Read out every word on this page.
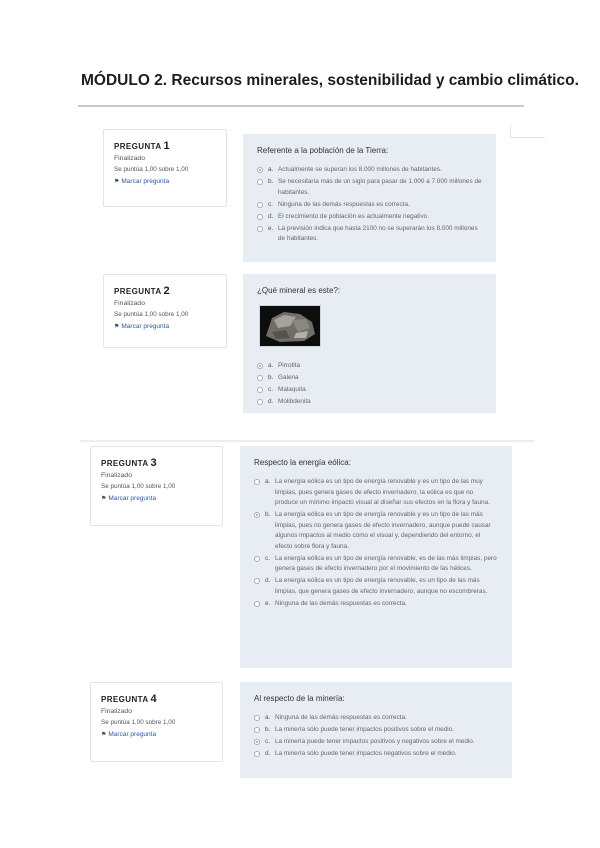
MÓDULO 2. Recursos minerales, sostenibilidad y cambio climático.
PREGUNTA 1
Finalizado
Se puntúa 1,00 sobre 1,00
⚑ Marcar pregunta
Referente a la población de la Tierra:
a. Actualmente se superan los 8.000 millones de habitantes.
b. Se necesitaría más de un siglo para pasar de 1.000 a 7.000 millones de habitantes.
c. Ninguna de las demás respuestas es correcta.
d. El crecimiento de población es actualmente negativo.
e. La previsión indica que hasta 2100 no se superarán los 8.000 millones de habitantes.
PREGUNTA 2
Finalizado
Se puntúa 1,00 sobre 1,00
⚑ Marcar pregunta
¿Qué mineral es este?:
a. Pirrotita
b. Galena
c. Malaquita
d. Molibdenita
PREGUNTA 3
Finalizado
Se puntúa 1,00 sobre 1,00
⚑ Marcar pregunta
Respecto la energía eólica:
a. La energía eólica es un tipo de energía renovable y es un tipo de las muy limpias, pues genera gases de efecto invernadero, la eólica es que no produce un mínimo impacto visual al diseñar sus efectos en la flora y fauna.
b. La energía eólica es un tipo de energía renovable y es un tipo de las más limpias, pues no genera gases de efecto invernadero, aunque puede causar algunos impactos al medio como el visual y, dependiendo del entorno, el efecto sobre flora y fauna.
c. La energía eólica es un tipo de energía renovable, es de las más limpias, pero genera gases de efecto invernadero por el movimiento de las hélices.
d. La energía eólica es un tipo de energía renovable, es un tipo de las más limpias, que genera gases de efecto invernadero, aunque no escombreras.
e. Ninguna de las demás respuestas es correcta.
PREGUNTA 4
Finalizado
Se puntúa 1,00 sobre 1,00
⚑ Marcar pregunta
Al respecto de la minería:
a. Ninguna de las demás respuestas es correcta.
b. La minería sólo puede tener impactos positivos sobre el medio.
c. La minería puede tener impactos positivos y negativos sobre el medio.
d. La minería sólo puede tener impactos negativos sobre el medio.
